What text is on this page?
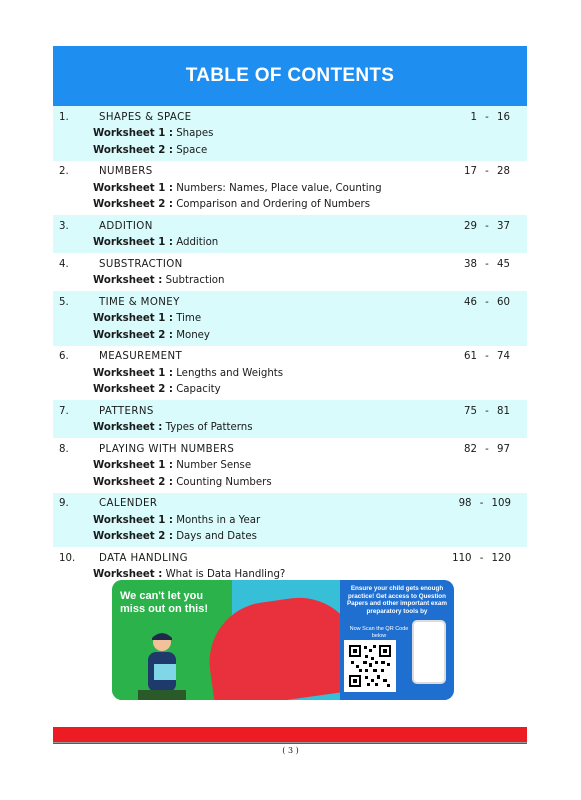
TABLE OF CONTENTS
1.	SHAPES & SPACE	1 - 16
Worksheet 1 :
Shapes
Worksheet 2 :
Space
2.	NUMBERS	17 - 28
Worksheet 1 :
Numbers: Names, Place value, Counting
Worksheet 2 :
Comparison and Ordering of Numbers
3.	ADDITION	29 - 37
Worksheet 1 :
Addition
4.	SUBSTRACTION	38 - 45
Worksheet :
Subtraction
5.	TIME & MONEY	46 - 60
Worksheet 1 :
Time
Worksheet 2 :
Money
6.	MEASUREMENT	61 - 74
Worksheet 1 :
Lengths and Weights
Worksheet 2 :
Capacity
7.	PATTERNS	75 - 81
Worksheet :
Types of Patterns
8.	PLAYING WITH NUMBERS	82 - 97
Worksheet 1 :
Number Sense
Worksheet 2 :
Counting Numbers
9.	CALENDER	98 - 109
Worksheet 1 :
Months in a Year
Worksheet 2 :
Days and Dates
10.	DATA HANDLING	110 - 120
Worksheet :
What is Data Handling?
We can't let you miss out on this!
Ensure your child gets enough practice! Get access to Question Papers and other important exam preparatory tools by
Now Scan the QR Code below
( 3 )
